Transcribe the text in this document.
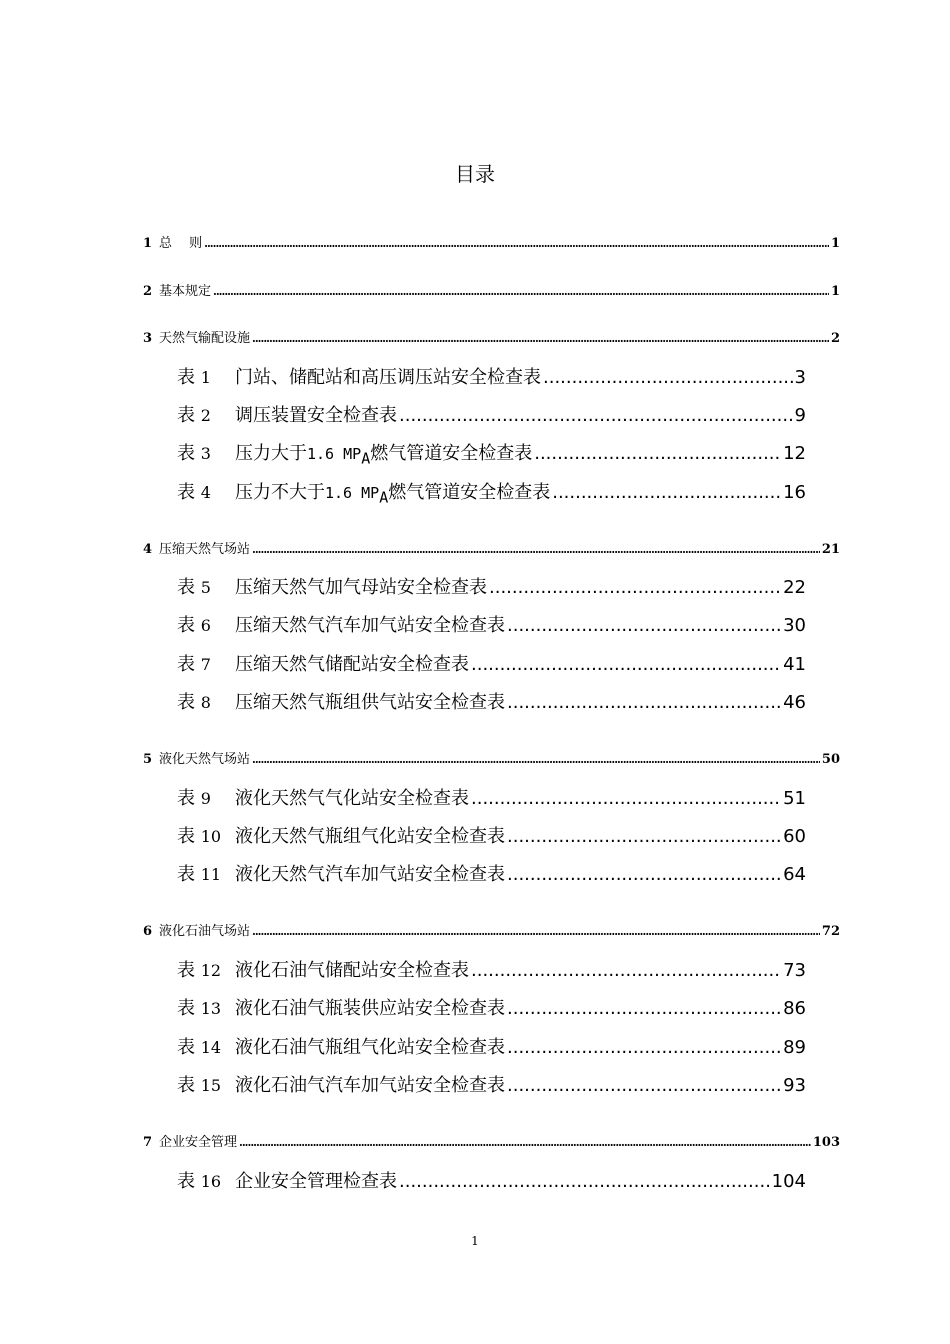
目录
1 总　 则 .....	1
2 基本规定 .....	1
3 天然气输配设施 .....	2
表 1	门站、储配站和高压调压站安全检查表 .....	3
表 2	调压装置安全检查表 .....	9
表 3	压力大于1.6 $MP_A$燃气管道安全检查表 .....	12
表 4	压力不大于1.6 $MP_A$燃气管道安全检查表 .....	16
4 压缩天然气场站 .....	21
表 5	压缩天然气加气母站安全检查表 .....	22
表 6	压缩天然气汽车加气站安全检查表 .....	30
表 7	压缩天然气储配站安全检查表 .....	41
表 8	压缩天然气瓶组供气站安全检查表 .....	46
5 液化天然气场站 .....	50
表 9	液化天然气气化站安全检查表 .....	51
表 10 液化天然气瓶组气化站安全检查表 .....	60
表 11 液化天然气汽车加气站安全检查表 .....	64
6 液化石油气场站 .....	72
表 12 液化石油气储配站安全检查表 .....	73
表 13 液化石油气瓶装供应站安全检查表 .....	86
表 14 液化石油气瓶组气化站安全检查表 .....	89
表 15 液化石油气汽车加气站安全检查表 .....	93
7 企业安全管理 .....	103
表 16 企业安全管理检查表 .....	104
1
